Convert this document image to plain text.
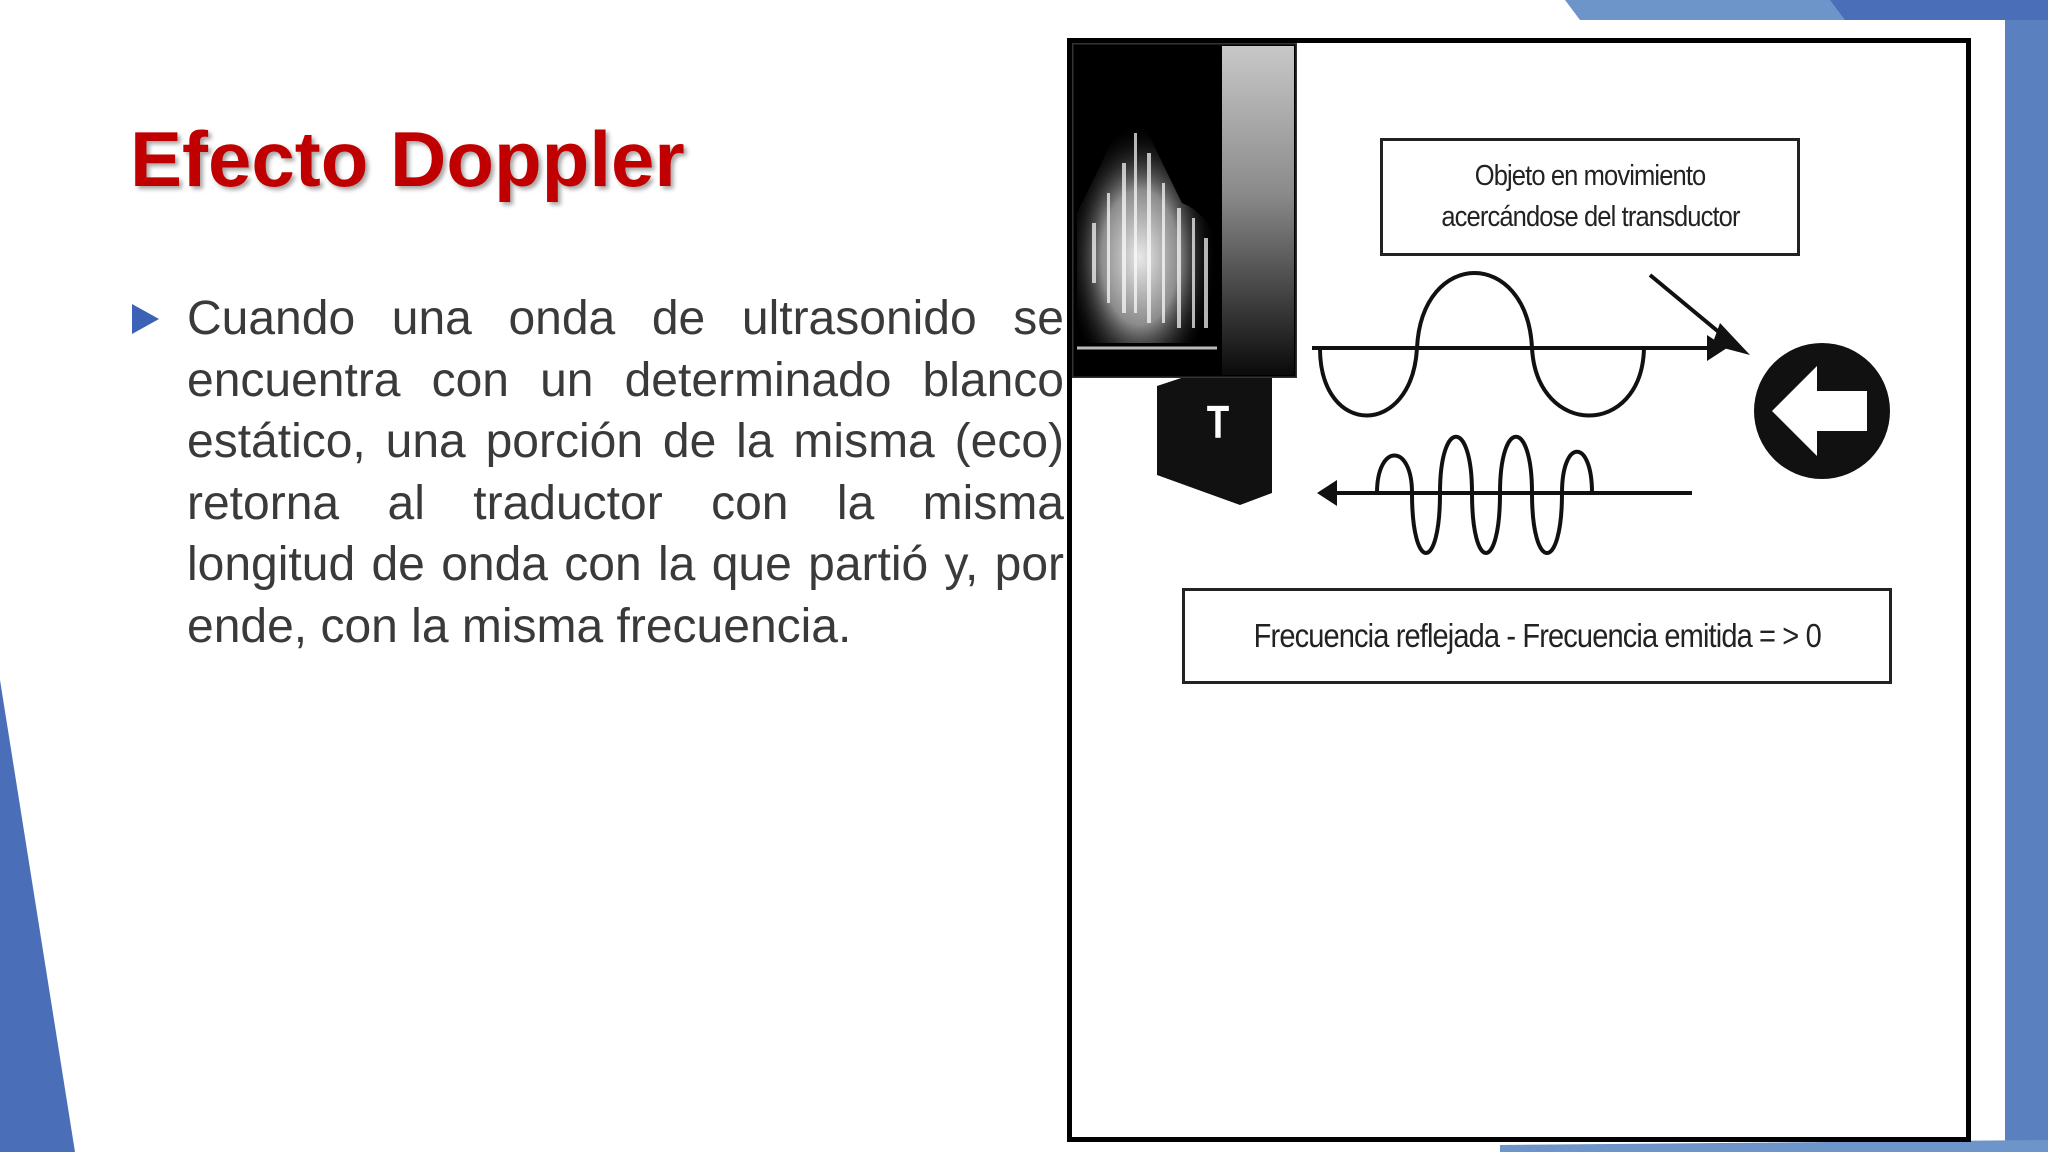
Efecto Doppler

Cuando una onda de ultrasonido se encuentra con un determinado blanco estático, una porción de la misma (eco) retorna al traductor con la misma longitud de onda con la que partió y, por ende, con la misma frecuencia.

Objeto en movimiento
acercándose del transductor
T
Frecuencia reflejada - Frecuencia emitida = > 0
